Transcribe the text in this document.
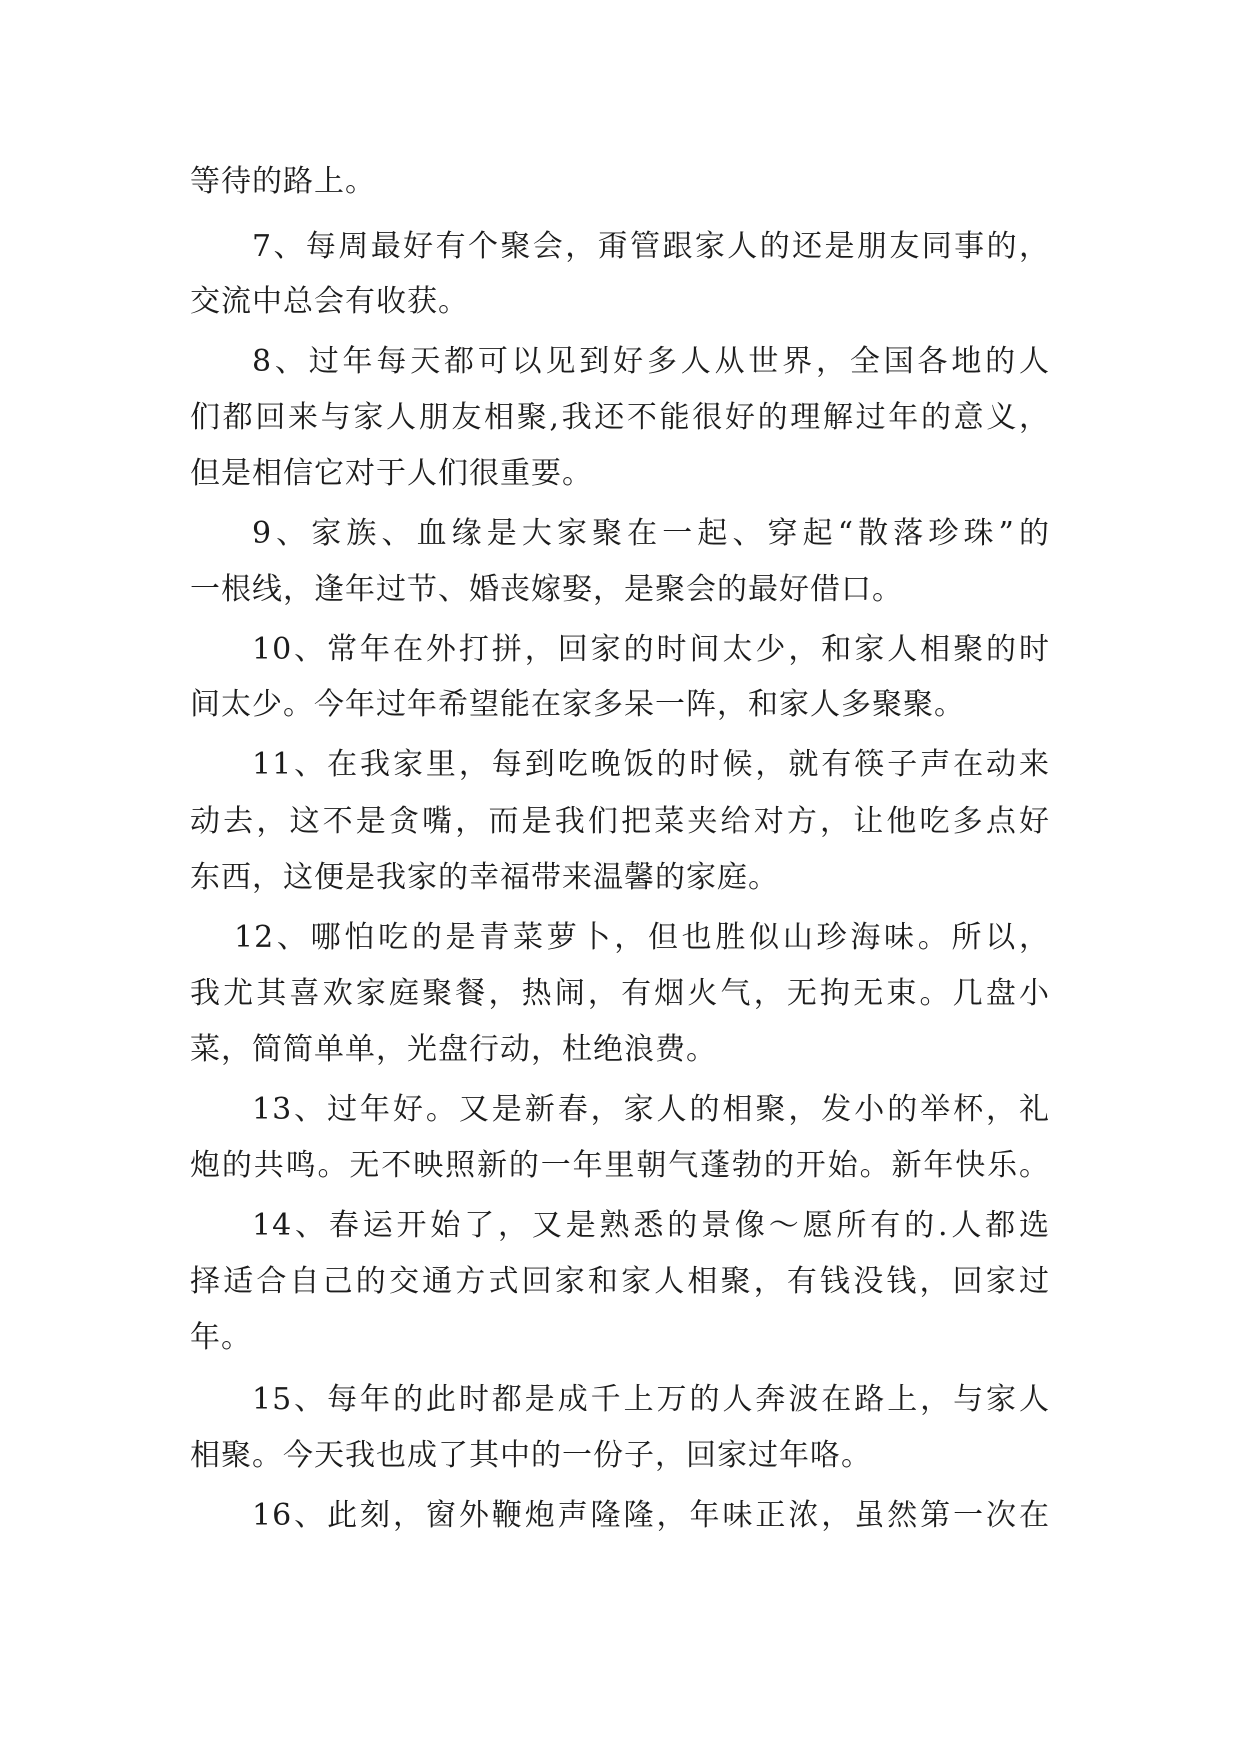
等待的路上。
7、每周最好有个聚会，甭管跟家人的还是朋友同事的，
交流中总会有收获。
8、过年每天都可以见到好多人从世界，全国各地的人
们都回来与家人朋友相聚,我还不能很好的理解过年的意义，
但是相信它对于人们很重要。
9、家族、血缘是大家聚在一起、穿起“散落珍珠”的
一根线，逢年过节、婚丧嫁娶，是聚会的最好借口。
10、常年在外打拼，回家的时间太少，和家人相聚的时
间太少。今年过年希望能在家多呆一阵，和家人多聚聚。
11、在我家里，每到吃晚饭的时候，就有筷子声在动来
动去，这不是贪嘴，而是我们把菜夹给对方，让他吃多点好
东西，这便是我家的幸福带来温馨的家庭。
12、哪怕吃的是青菜萝卜，但也胜似山珍海味。所以，
我尤其喜欢家庭聚餐，热闹，有烟火气，无拘无束。几盘小
菜，简简单单，光盘行动，杜绝浪费。
13、过年好。又是新春，家人的相聚，发小的举杯，礼
炮的共鸣。无不映照新的一年里朝气蓬勃的开始。新年快乐。
14、春运开始了，又是熟悉的景像～愿所有的.人都选
择适合自己的交通方式回家和家人相聚，有钱没钱，回家过
年。
15、每年的此时都是成千上万的人奔波在路上，与家人
相聚。今天我也成了其中的一份子，回家过年咯。
16、此刻，窗外鞭炮声隆隆，年味正浓，虽然第一次在
